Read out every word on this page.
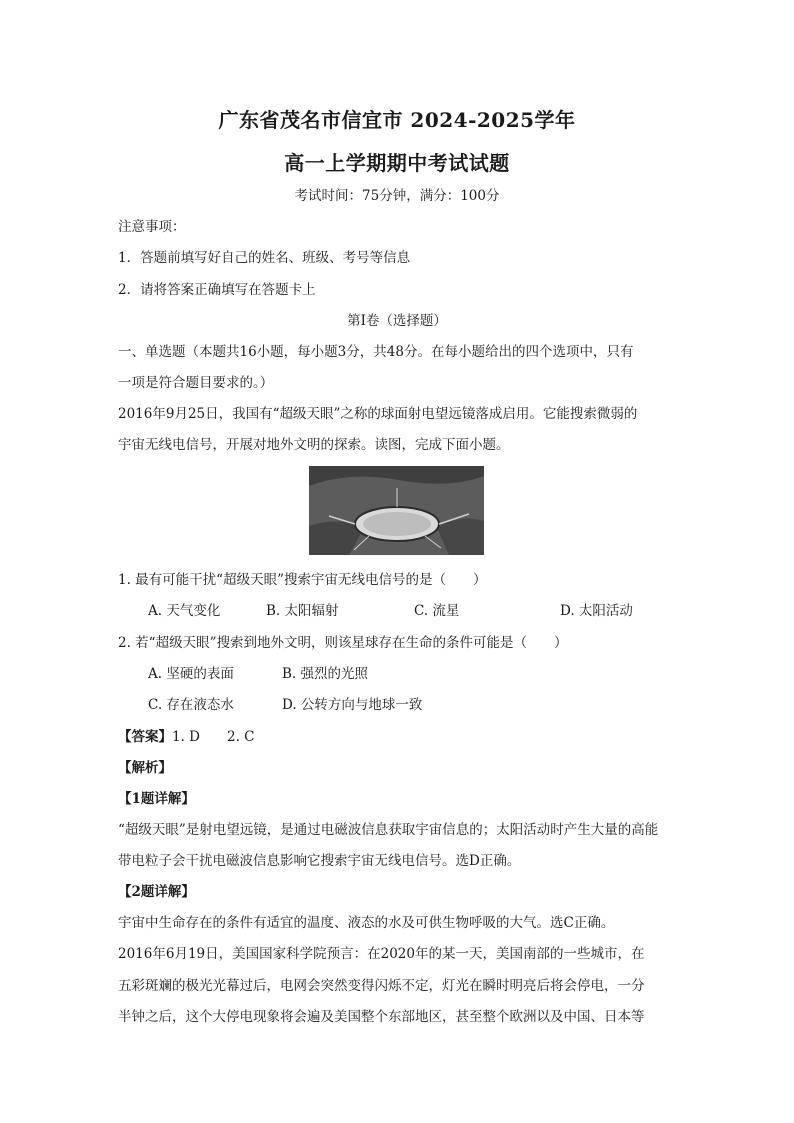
广东省茂名市信宜市 2024-2025学年
高一上学期期中考试试题
考试时间：75分钟，满分：100分
注意事项：
1．答题前填写好自己的姓名、班级、考号等信息
2．请将答案正确填写在答题卡上
第Ⅰ卷（选择题）
一、单选题（本题共16小题，每小题3分，共48分。在每小题给出的四个选项中，只有
一项是符合题目要求的。）
2016年9月25日，我国有“超级天眼”之称的球面射电望远镜落成启用。它能搜索微弱的
宇宙无线电信号，开展对地外文明的探索。读图，完成下面小题。
1. 最有可能干扰“超级天眼”搜索宇宙无线电信号的是（　　）
A. 天气变化	B. 太阳辐射	C. 流星	D. 太阳活动
2. 若“超级天眼”搜索到地外文明，则该星球存在生命的条件可能是（　　）
A. 坚硬的表面	B. 强烈的光照
C. 存在液态水	D. 公转方向与地球一致
【答案】1. D　　2. C
【解析】
【1题详解】
“超级天眼”是射电望远镜，是通过电磁波信息获取宇宙信息的；太阳活动时产生大量的高能
带电粒子会干扰电磁波信息影响它搜索宇宙无线电信号。选D正确。
【2题详解】
宇宙中生命存在的条件有适宜的温度、液态的水及可供生物呼吸的大气。选C正确。
2016年6月19日，美国国家科学院预言：在2020年的某一天，美国南部的一些城市，在
五彩斑斓的极光光幕过后，电网会突然变得闪烁不定，灯光在瞬时明亮后将会停电，一分
半钟之后，这个大停电现象将会遍及美国整个东部地区，甚至整个欧洲以及中国、日本等
